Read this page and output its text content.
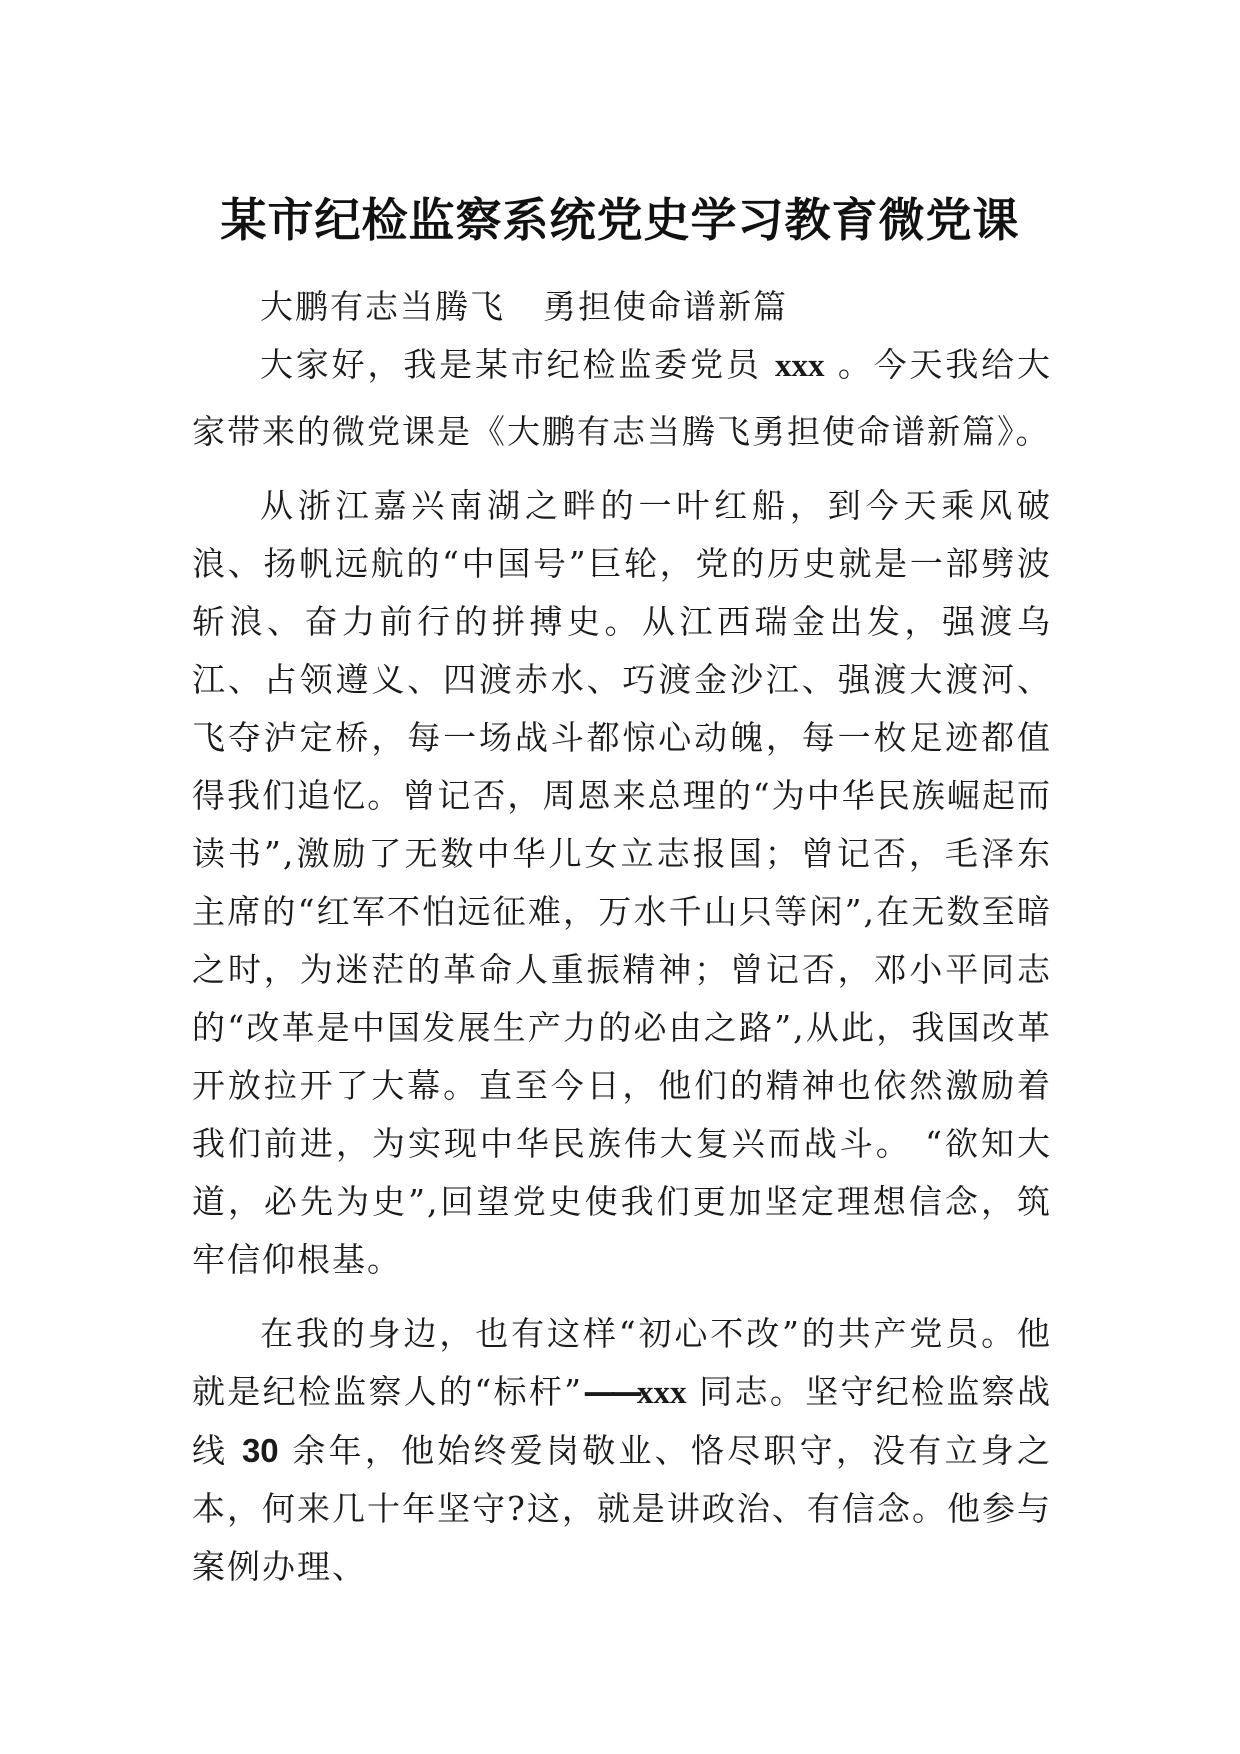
某市纪检监察系统党史学习教育微党课

大鹏有志当腾飞 勇担使命谱新篇

大家好，我是某市纪检监委党员 xxx 。今天我给大家带来的微党课是《大鹏有志当腾飞勇担使命谱新篇》。

从浙江嘉兴南湖之畔的一叶红船，到今天乘风破浪、扬帆远航的“中国号”巨轮，党的历史就是一部劈波斩浪、奋力前行的拼搏史。从江西瑞金出发，强渡乌江、占领遵义、四渡赤水、巧渡金沙江、强渡大渡河、飞夺泸定桥，每一场战斗都惊心动魄，每一枚足迹都值得我们追忆。曾记否，周恩来总理的“为中华民族崛起而读书”,激励了无数中华儿女立志报国；曾记否，毛泽东主席的“红军不怕远征难，万水千山只等闲”,在无数至暗之时，为迷茫的革命人重振精神；曾记否，邓小平同志的“改革是中国发展生产力的必由之路”,从此，我国改革开放拉开了大幕。直至今日，他们的精神也依然激励着我们前进，为实现中华民族伟大复兴而战斗。 “欲知大道，必先为史”,回望党史使我们更加坚定理想信念，筑牢信仰根基。

在我的身边，也有这样“初心不改”的共产党员。他就是纪检监察人的“标杆”——xxx 同志。坚守纪检监察战线 30 余年，他始终爱岗敬业、恪尽职守，没有立身之本，何来几十年坚守?这，就是讲政治、有信念。他参与案例办理、
